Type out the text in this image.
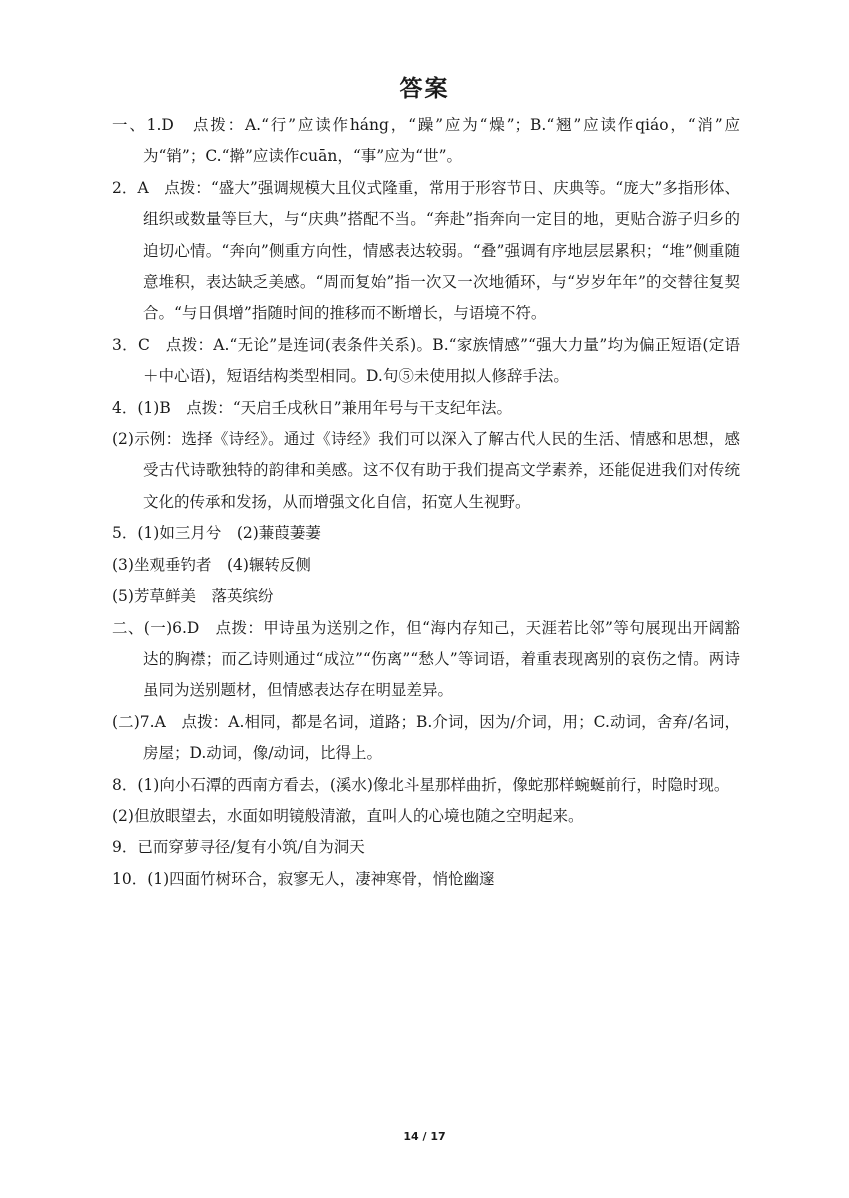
答案
一、1.D　点拨：A.“行”应读作háng，“躁”应为“燥”；B.“翘”应读作qiáo，“消”应为“销”；C.“擀”应读作cuān，“事”应为“世”。
2．A　点拨：“盛大”强调规模大且仪式隆重，常用于形容节日、庆典等。“庞大”多指形体、组织或数量等巨大，与“庆典”搭配不当。“奔赴”指奔向一定目的地，更贴合游子归乡的迫切心情。“奔向”侧重方向性，情感表达较弱。“叠”强调有序地层层累积；“堆”侧重随意堆积，表达缺乏美感。“周而复始”指一次又一次地循环，与“岁岁年年”的交替往复契合。“与日俱增”指随时间的推移而不断增长，与语境不符。
3．C　点拨：A.“无论”是连词(表条件关系)。B.“家族情感”“强大力量”均为偏正短语(定语＋中心语)，短语结构类型相同。D.句⑤未使用拟人修辞手法。
4．(1)B　点拨：“天启壬戌秋日”兼用年号与干支纪年法。
(2)示例：选择《诗经》。通过《诗经》我们可以深入了解古代人民的生活、情感和思想，感受古代诗歌独特的韵律和美感。这不仅有助于我们提高文学素养，还能促进我们对传统文化的传承和发扬，从而增强文化自信，拓宽人生视野。
5．(1)如三月兮　(2)蒹葭萋萋
(3)坐观垂钓者　(4)辗转反侧
(5)芳草鲜美　落英缤纷
二、(一)6.D　点拨：甲诗虽为送别之作，但“海内存知己，天涯若比邻”等句展现出开阔豁达的胸襟；而乙诗则通过“成泣”“伤离”“愁人”等词语，着重表现离别的哀伤之情。两诗虽同为送别题材，但情感表达存在明显差异。
(二)7.A　点拨：A.相同，都是名词，道路；B.介词，因为/介词，用；C.动词，舍弃/名词，房屋；D.动词，像/动词，比得上。
8．(1)向小石潭的西南方看去，(溪水)像北斗星那样曲折，像蛇那样蜿蜒前行，时隐时现。
(2)但放眼望去，水面如明镜般清澈，直叫人的心境也随之空明起来。
9．已而穿萝寻径/复有小筑/自为洞天
10．(1)四面竹树环合，寂寥无人，凄神寒骨，悄怆幽邃
14 / 17
